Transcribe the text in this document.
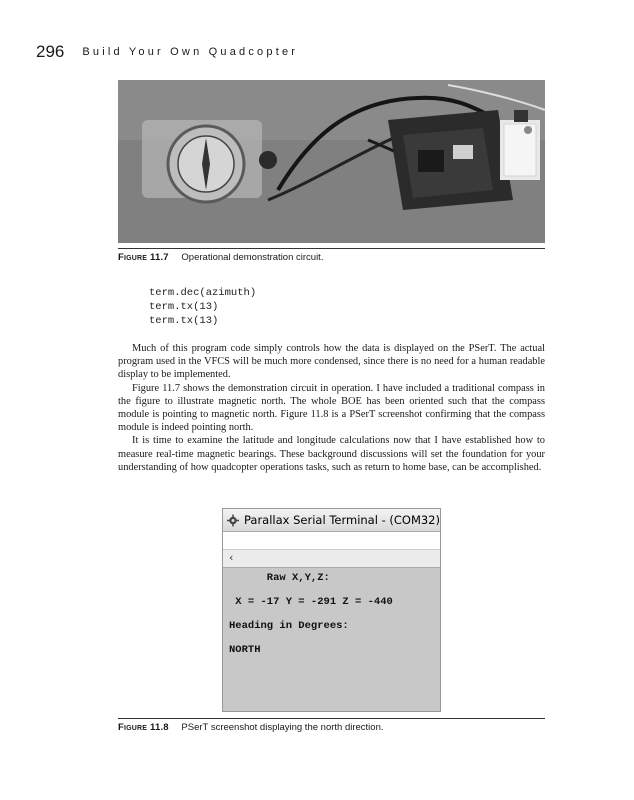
296 Build Your Own Quadcopter
Figure 11.7 Operational demonstration circuit.
term.dec(azimuth)
term.tx(13)
term.tx(13)

Much of this program code simply controls how the data is displayed on the PSerT. The actual program used in the VFCS will be much more condensed, since there is no need for a human readable display to be implemented.

Figure 11.7 shows the demonstration circuit in operation. I have included a traditional compass in the figure to illustrate magnetic north. The whole BOE has been oriented such that the compass module is pointing to magnetic north. Figure 11.8 is a PSerT screenshot confirming that the compass module is indeed pointing north.

It is time to examine the latitude and longitude calculations now that I have established how to measure real-time magnetic bearings. These background discussions will set the foundation for your understanding of how quadcopter operations tasks, such as return to home base, can be accomplished.

Parallax Serial Terminal - (COM32)
‹
Raw X,Y,Z:

X = -17 Y = -291 Z = -440

Heading in Degrees:

NORTH
Figure 11.8 PSerT screenshot displaying the north direction.
